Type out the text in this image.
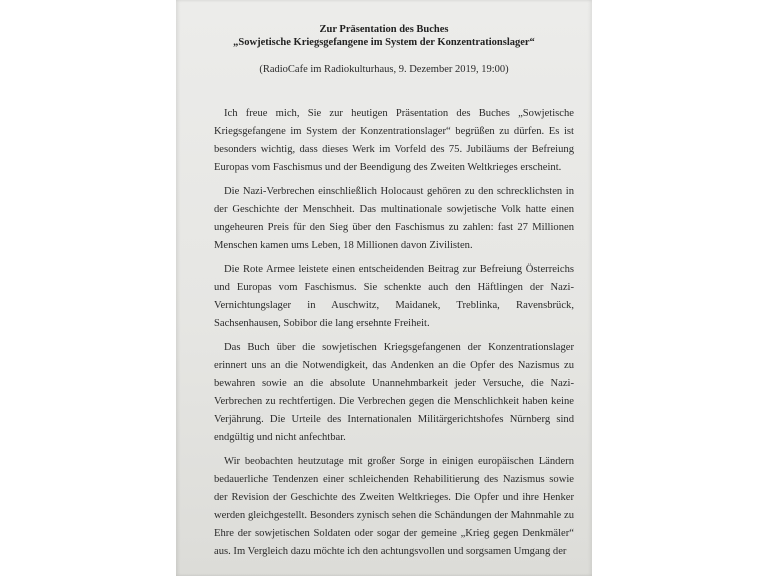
Zur Präsentation des Buches
„Sowjetische Kriegsgefangene im System der Konzentrationslager“
(RadioCafe im Radiokulturhaus, 9. Dezember 2019, 19:00)

Ich freue mich, Sie zur heutigen Präsentation des Buches „Sowjetische Kriegsgefangene im System der Konzentrationslager“ begrüßen zu dürfen. Es ist besonders wichtig, dass dieses Werk im Vorfeld des 75. Jubiläums der Befreiung Europas vom Faschismus und der Beendigung des Zweiten Weltkrieges erscheint.

Die Nazi-Verbrechen einschließlich Holocaust gehören zu den schrecklichsten in der Geschichte der Menschheit. Das multinationale sowjetische Volk hatte einen ungeheuren Preis für den Sieg über den Faschismus zu zahlen: fast 27 Millionen Menschen kamen ums Leben, 18 Millionen davon Zivilisten.

Die Rote Armee leistete einen entscheidenden Beitrag zur Befreiung Österreichs und Europas vom Faschismus. Sie schenkte auch den Häftlingen der Nazi-Vernichtungslager in Auschwitz, Maidanek, Treblinka, Ravensbrück, Sachsenhausen, Sobibor die lang ersehnte Freiheit.

Das Buch über die sowjetischen Kriegsgefangenen der Konzentrationslager erinnert uns an die Notwendigkeit, das Andenken an die Opfer des Nazismus zu bewahren sowie an die absolute Unannehmbarkeit jeder Versuche, die Nazi-Verbrechen zu rechtfertigen. Die Verbrechen gegen die Menschlichkeit haben keine Verjährung. Die Urteile des Internationalen Militärgerichtshofes Nürnberg sind endgültig und nicht anfechtbar.

Wir beobachten heutzutage mit großer Sorge in einigen europäischen Ländern bedauerliche Tendenzen einer schleichenden Rehabilitierung des Nazismus sowie der Revision der Geschichte des Zweiten Weltkrieges. Die Opfer und ihre Henker werden gleichgestellt. Besonders zynisch sehen die Schändungen der Mahnmahle zu Ehre der sowjetischen Soldaten oder sogar der gemeine „Krieg gegen Denkmäler“ aus. Im Vergleich dazu möchte ich den achtungsvollen und sorgsamen Umgang der
